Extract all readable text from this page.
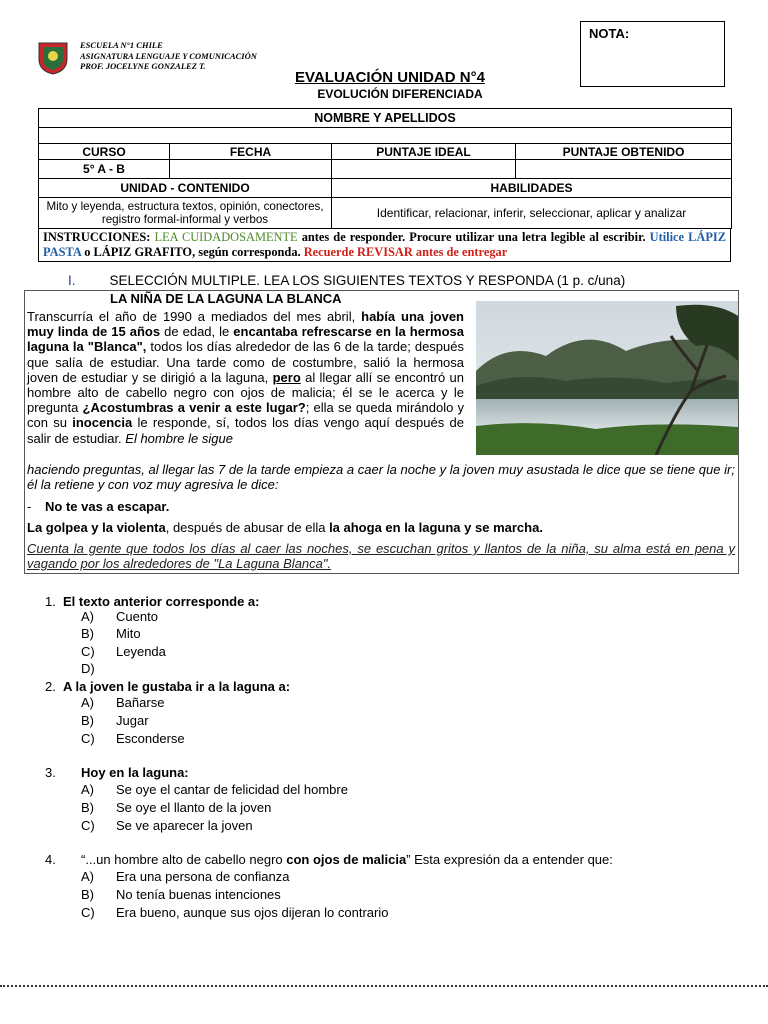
ESCUELA N°1 CHILE
ASIGNATURA LENGUAJE Y COMUNICACIÓN
PROF. JOCELYNE GONZALEZ T.
NOTA:
EVALUACIÓN UNIDAD N°4
EVOLUCIÓN DIFERENCIADA
NOMBRE Y APELLIDOS			

CURSO	FECHA	PUNTAJE IDEAL	PUNTAJE OBTENIDO
5° A - B			
UNIDAD - CONTENIDO		HABILIDADES	
Mito y leyenda, estructura textos, opinión, conectores, registro formal-informal y verbos		Identificar, relacionar, inferir, seleccionar, aplicar y analizar	
INSTRUCCIONES: LEA CUIDADOSAMENTE antes de responder. Procure utilizar una letra legible al escribir. Utilice LÁPIZ PASTA o LÁPIZ GRAFITO, según corresponda. Recuerde REVISAR antes de entregar
I.	SELECCIÓN MULTIPLE. LEA LOS SIGUIENTES TEXTOS Y RESPONDA (1 p. c/una)
LA NIÑA DE LA LAGUNA LA BLANCA
Transcurría el año de 1990 a mediados del mes abril, había una joven muy linda de 15 años de edad, le encantaba refrescarse en la hermosa laguna la "Blanca", todos los días alrededor de las 6 de la tarde; después que salía de estudiar. Una tarde como de costumbre, salió la hermosa joven de estudiar y se dirigió a la laguna, pero al llegar allí se encontró un hombre alto de cabello negro con ojos de malicia; él se le acerca y le pregunta ¿Acostumbras a venir a este lugar?; ella se queda mirándolo y con su inocencia le responde, sí, todos los días vengo aquí después de salir de estudiar. El hombre le sigue
haciendo preguntas, al llegar las 7 de la tarde empieza a caer la noche y la joven muy asustada le dice que se tiene que ir; él la retiene y con voz muy agresiva le dice:
- No te vas a escapar.
La golpea y la violenta, después de abusar de ella la ahoga en la laguna y se marcha.
Cuenta la gente que todos los días al caer las noches, se escuchan gritos y llantos de la niña, su alma está en pena y vagando por los alrededores de "La Laguna Blanca".
1. El texto anterior corresponde a:
A) Cuento
B) Mito
C) Leyenda
D)
2. A la joven le gustaba ir a la laguna a:
A) Bañarse
B) Jugar
C) Esconderse
3. Hoy en la laguna:
A) Se oye el cantar de felicidad del hombre
B) Se oye el llanto de la joven
C) Se ve aparecer la joven
4. “...un hombre alto de cabello negro con ojos de malicia” Esta expresión da a entender que:
A) Era una persona de confianza
B) No tenía buenas intenciones
C) Era bueno, aunque sus ojos dijeran lo contrario
